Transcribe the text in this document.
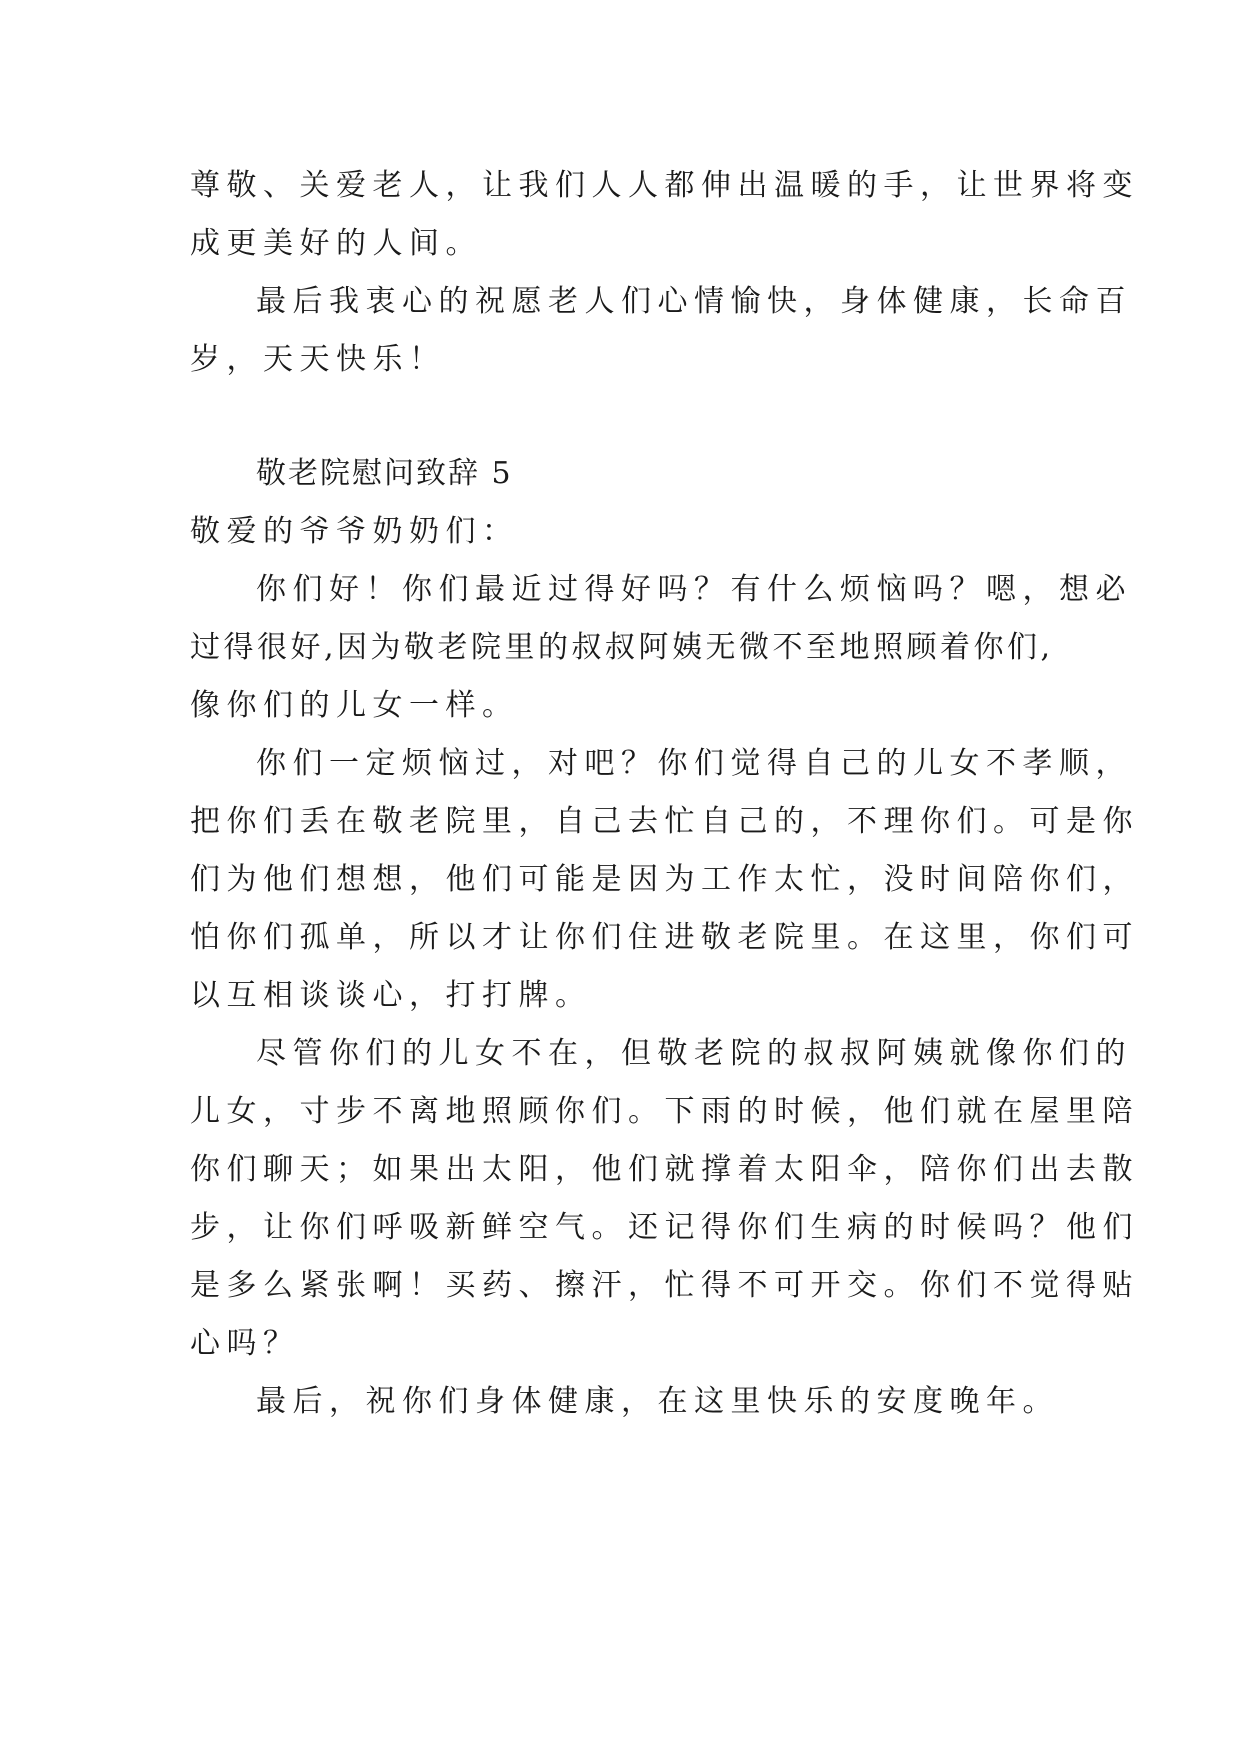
尊敬、关爱老人，让我们人人都伸出温暖的手，让世界将变
成更美好的人间。
最后我衷心的祝愿老人们心情愉快，身体健康，长命百
岁，天天快乐！
敬老院慰问致辞 5
敬爱的爷爷奶奶们：
你们好！你们最近过得好吗？有什么烦恼吗？嗯，想必
过得很好,因为敬老院里的叔叔阿姨无微不至地照顾着你们,
像你们的儿女一样。
你们一定烦恼过，对吧？你们觉得自己的儿女不孝顺，
把你们丢在敬老院里，自己去忙自己的，不理你们。可是你
们为他们想想，他们可能是因为工作太忙，没时间陪你们，
怕你们孤单，所以才让你们住进敬老院里。在这里，你们可
以互相谈谈心，打打牌。
尽管你们的儿女不在，但敬老院的叔叔阿姨就像你们的
儿女，寸步不离地照顾你们。下雨的时候，他们就在屋里陪
你们聊天；如果出太阳，他们就撑着太阳伞，陪你们出去散
步，让你们呼吸新鲜空气。还记得你们生病的时候吗？他们
是多么紧张啊！买药、擦汗，忙得不可开交。你们不觉得贴
心吗？
最后，祝你们身体健康，在这里快乐的安度晚年。
